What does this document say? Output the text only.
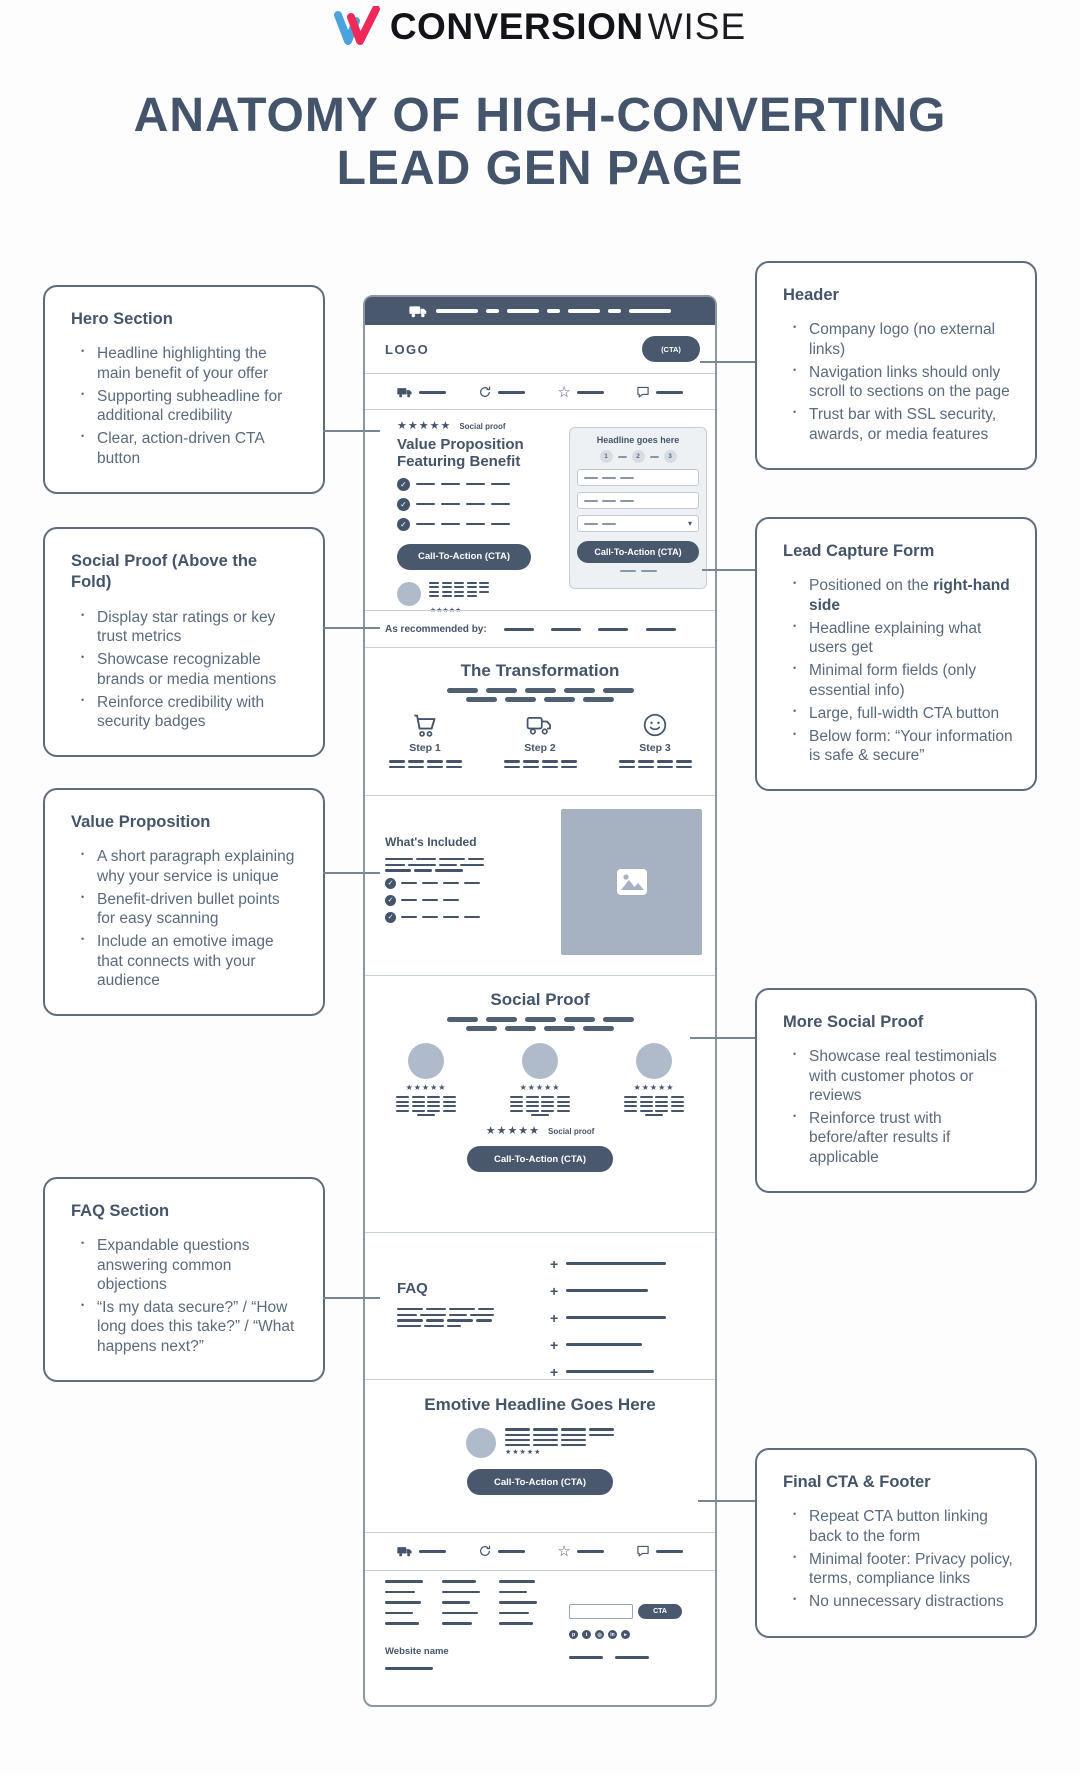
CONVERSION WISE
ANATOMY OF HIGH-CONVERTING
LEAD GEN PAGE
Hero Section
• Headline highlighting the main benefit of your offer
• Supporting subheadline for additional credibility
• Clear, action-driven CTA button
Social Proof (Above the Fold)
• Display star ratings or key trust metrics
• Showcase recognizable brands or media mentions
• Reinforce credibility with security badges
Value Proposition
• A short paragraph explaining why your service is unique
• Benefit-driven bullet points for easy scanning
• Include an emotive image that connects with your audience
FAQ Section
• Expandable questions answering common objections
• “Is my data secure?” / “How long does this take?” / “What happens next?”
Header
• Company logo (no external links)
• Navigation links should only scroll to sections on the page
• Trust bar with SSL security, awards, or media features
Lead Capture Form
• Positioned on the right-hand side
• Headline explaining what users get
• Minimal form fields (only essential info)
• Large, full-width CTA button
• Below form: “Your information is safe & secure”
More Social Proof
• Showcase real testimonials with customer photos or reviews
• Reinforce trust with before/after results if applicable
Final CTA & Footer
• Repeat CTA button linking back to the form
• Minimal footer: Privacy policy, terms, compliance links
• No unnecessary distractions
LOGO	(CTA)
☆
★★★★★ Social proof
Value Proposition Featuring Benefit
✓
✓
✓
Call-To-Action (CTA)
Headline goes here
1	2	3
▾
Call-To-Action (CTA)
As recommended by:
The Transformation
Step 1	Step 2	Step 3
What's Included
✓
✓
✓
Social Proof
★★★★★	★★★★★	★★★★★
★★★★★ Social proof
Call-To-Action (CTA)
FAQ
+
+
+
+
+
Emotive Headline Goes Here
★★★★★
Call-To-Action (CTA)
☆
CTA
p	t	◎	in	▸
Website name
